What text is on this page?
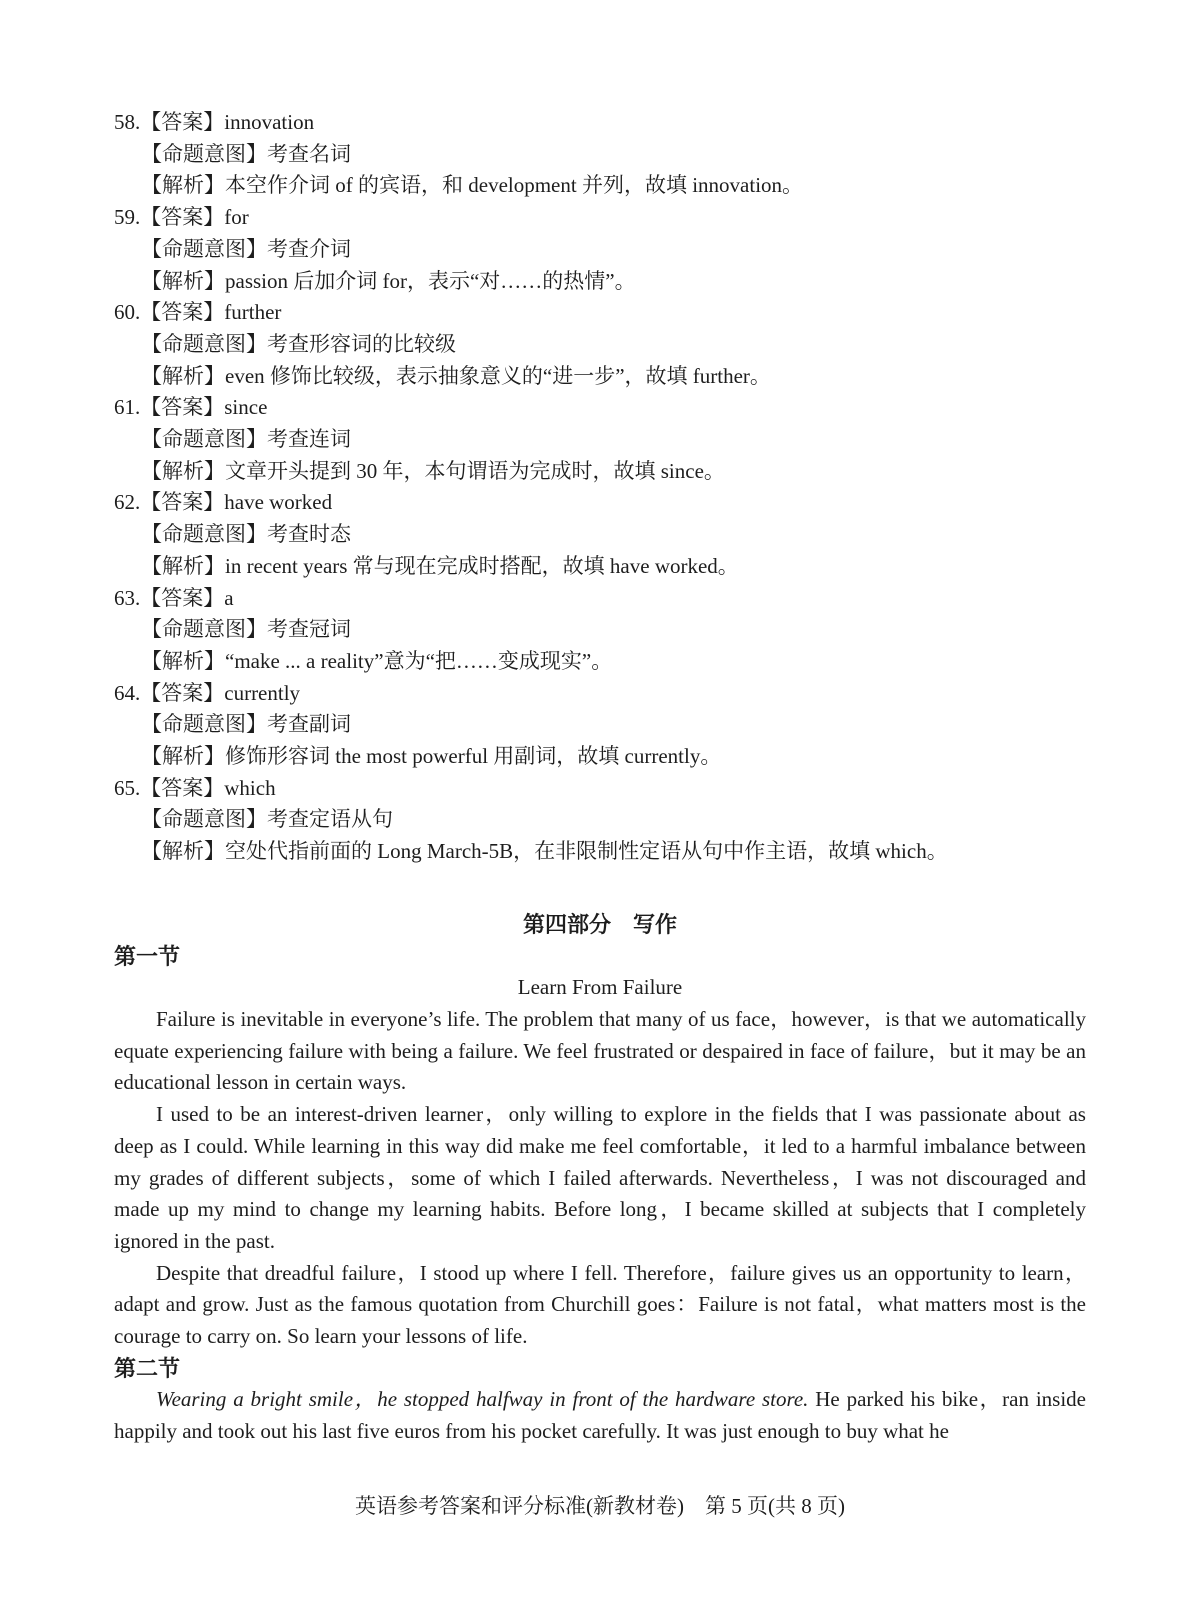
58.【答案】innovation
【命题意图】考查名词
【解析】本空作介词 of 的宾语，和 development 并列，故填 innovation。
59.【答案】for
【命题意图】考查介词
【解析】passion 后加介词 for，表示“对……的热情”。
60.【答案】further
【命题意图】考查形容词的比较级
【解析】even 修饰比较级，表示抽象意义的“进一步”，故填 further。
61.【答案】since
【命题意图】考查连词
【解析】文章开头提到 30 年，本句谓语为完成时，故填 since。
62.【答案】have worked
【命题意图】考查时态
【解析】in recent years 常与现在完成时搭配，故填 have worked。
63.【答案】a
【命题意图】考查冠词
【解析】“make ... a reality”意为“把……变成现实”。
64.【答案】currently
【命题意图】考查副词
【解析】修饰形容词 the most powerful 用副词，故填 currently。
65.【答案】which
【命题意图】考查定语从句
【解析】空处代指前面的 Long March-5B，在非限制性定语从句中作主语，故填 which。
第四部分　写作
第一节
Learn From Failure

Failure is inevitable in everyone’s life. The problem that many of us face，however，is that we automatically equate experiencing failure with being a failure. We feel frustrated or despaired in face of failure，but it may be an educational lesson in certain ways.

I used to be an interest-driven learner，only willing to explore in the fields that I was passionate about as deep as I could. While learning in this way did make me feel comfortable，it led to a harmful imbalance between my grades of different subjects，some of which I failed afterwards. Nevertheless，I was not discouraged and made up my mind to change my learning habits. Before long，I became skilled at subjects that I completely ignored in the past.

Despite that dreadful failure，I stood up where I fell. Therefore，failure gives us an opportunity to learn，adapt and grow. Just as the famous quotation from Churchill goes：Failure is not fatal，what matters most is the courage to carry on. So learn your lessons of life.

第二节

Wearing a bright smile，he stopped halfway in front of the hardware store. He parked his bike，ran inside happily and took out his last five euros from his pocket carefully. It was just enough to buy what he

英语参考答案和评分标准(新教材卷)　第 5 页(共 8 页)
